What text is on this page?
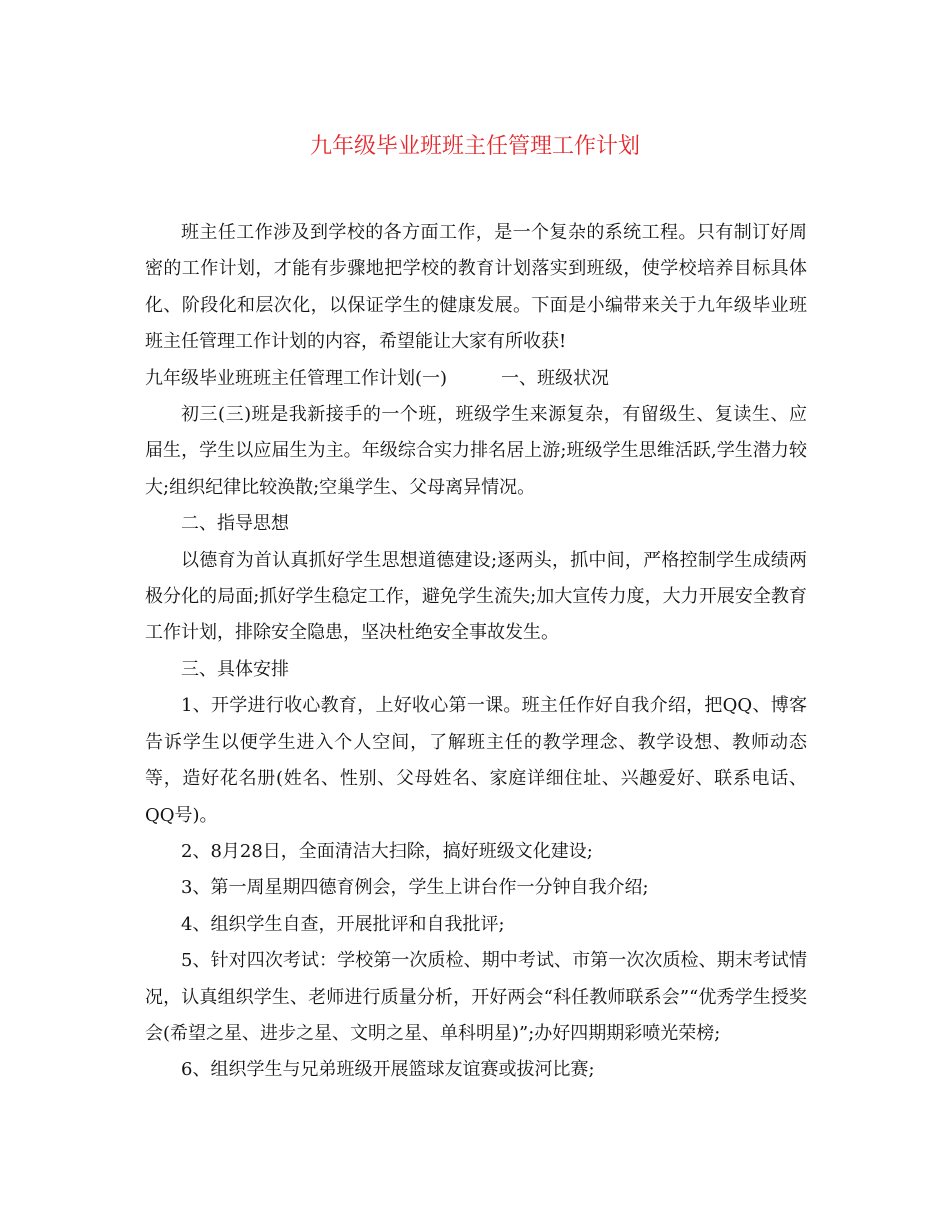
九年级毕业班班主任管理工作计划

班主任工作涉及到学校的各方面工作，是一个复杂的系统工程。只有制订好周密的工作计划，才能有步骤地把学校的教育计划落实到班级，使学校培养目标具体化、阶段化和层次化，以保证学生的健康发展。下面是小编带来关于九年级毕业班班主任管理工作计划的内容，希望能让大家有所收获!

九年级毕业班班主任管理工作计划(一)	一、班级状况

初三(三)班是我新接手的一个班，班级学生来源复杂，有留级生、复读生、应届生，学生以应届生为主。年级综合实力排名居上游;班级学生思维活跃,学生潜力较大;组织纪律比较涣散;空巢学生、父母离异情况。

二、指导思想

以德育为首认真抓好学生思想道德建设;逐两头，抓中间，严格控制学生成绩两极分化的局面;抓好学生稳定工作，避免学生流失;加大宣传力度，大力开展安全教育工作计划，排除安全隐患，坚决杜绝安全事故发生。

三、具体安排

1、开学进行收心教育，上好收心第一课。班主任作好自我介绍，把QQ、博客告诉学生以便学生进入个人空间，了解班主任的教学理念、教学设想、教师动态等，造好花名册(姓名、性别、父母姓名、家庭详细住址、兴趣爱好、联系电话、QQ号)。

2、8月28日，全面清洁大扫除，搞好班级文化建设;

3、第一周星期四德育例会，学生上讲台作一分钟自我介绍;

4、组织学生自查，开展批评和自我批评;

5、针对四次考试：学校第一次质检、期中考试、市第一次次质检、期末考试情况，认真组织学生、老师进行质量分析，开好两会“科任教师联系会”“优秀学生授奖会(希望之星、进步之星、文明之星、单科明星)”;办好四期期彩喷光荣榜;

6、组织学生与兄弟班级开展篮球友谊赛或拔河比赛;
